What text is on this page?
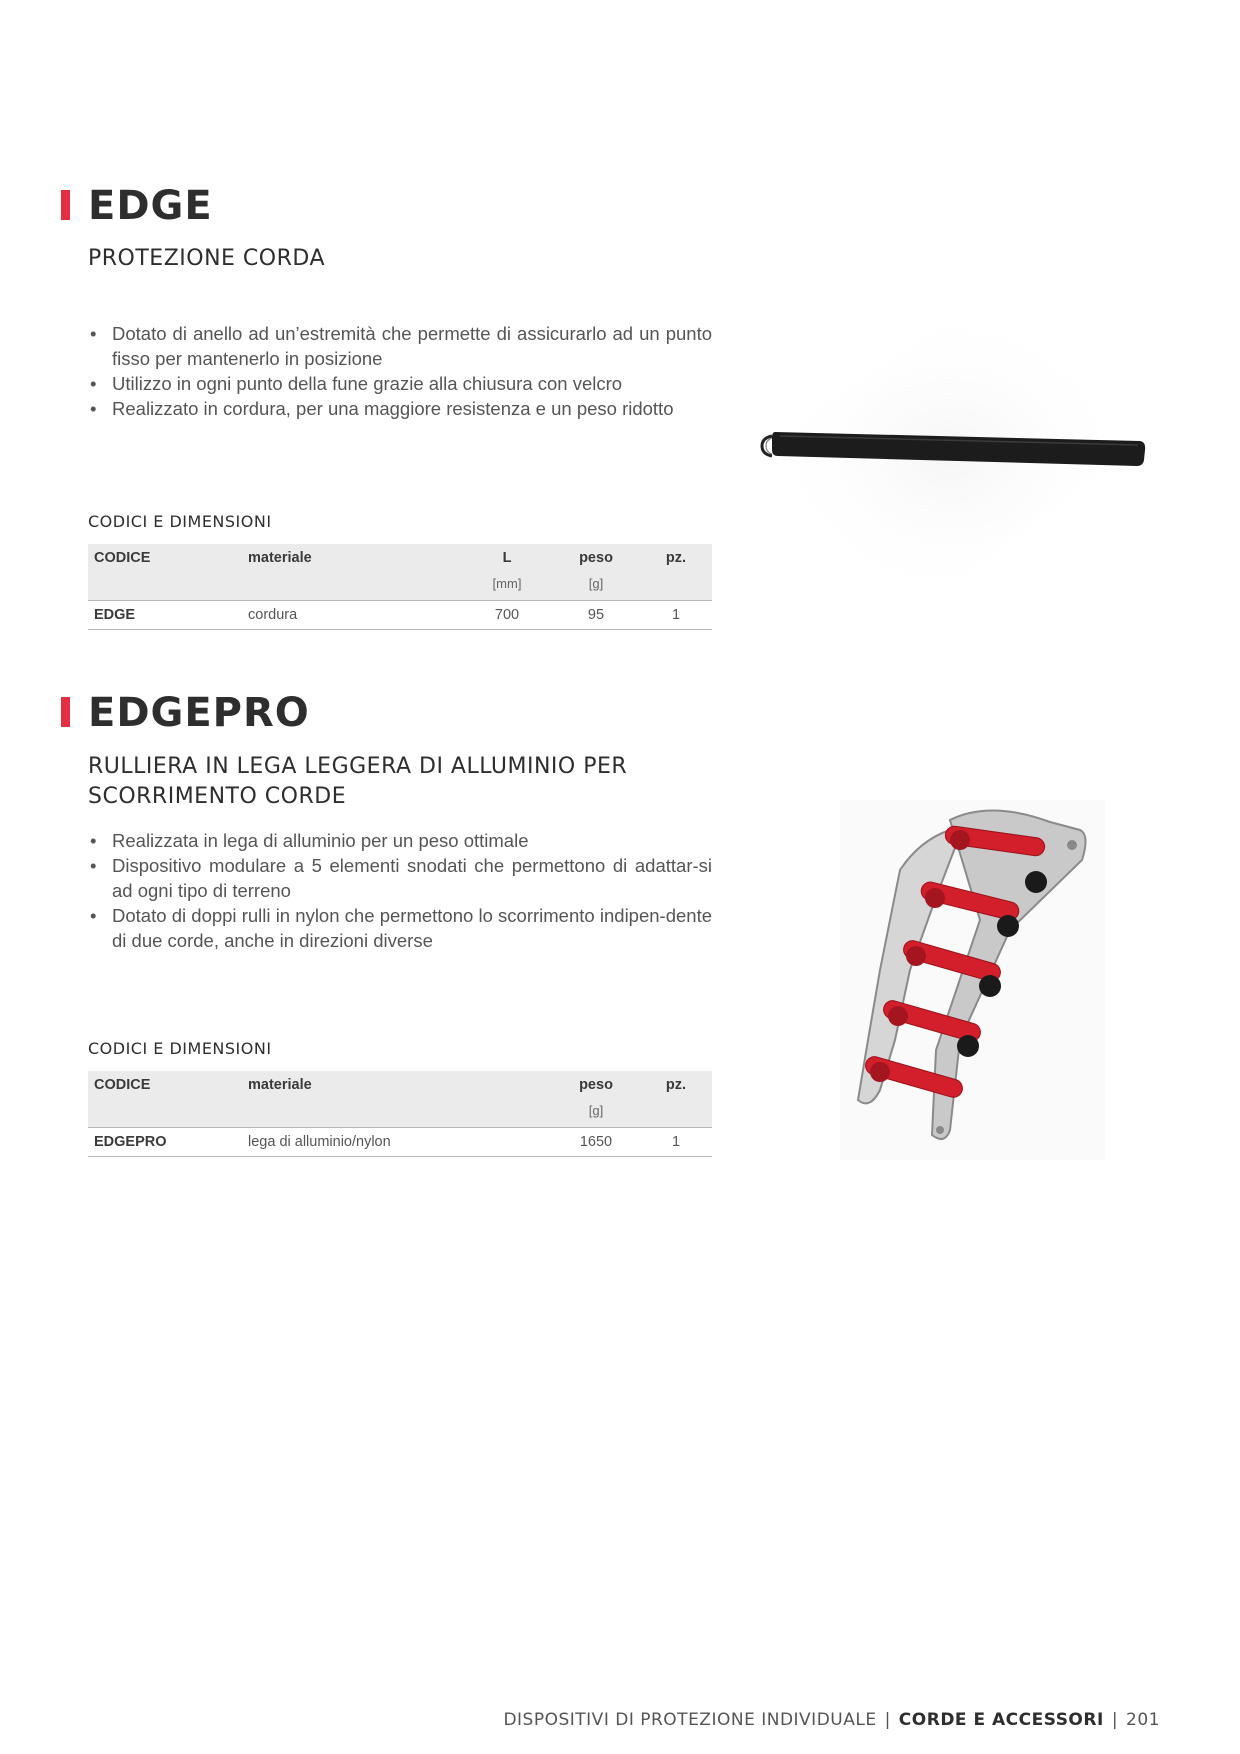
EDGE
PROTEZIONE CORDA
• Dotato di anello ad un’estremità che permette di assicurarlo ad un punto fisso per mantenerlo in posizione
• Utilizzo in ogni punto della fune grazie alla chiusura con velcro
• Realizzato in cordura, per una maggiore resistenza e un peso ridotto
CODICI E DIMENSIONI
CODICE	materiale	L	peso	pz.
		[mm]	[g]	
EDGE	cordura	700	95	1
EDGEPRO
RULLIERA IN LEGA LEGGERA DI ALLUMINIO PER SCORRIMENTO CORDE
• Realizzata in lega di alluminio per un peso ottimale
• Dispositivo modulare a 5 elementi snodati che permettono di adattar-si ad ogni tipo di terreno
• Dotato di doppi rulli in nylon che permettono lo scorrimento indipen-dente di due corde, anche in direzioni diverse
CODICI E DIMENSIONI
CODICE	materiale	peso	pz.
		[g]	
EDGEPRO	lega di alluminio/nylon	1650	1
DISPOSITIVI DI PROTEZIONE INDIVIDUALE | CORDE E ACCESSORI | 201
